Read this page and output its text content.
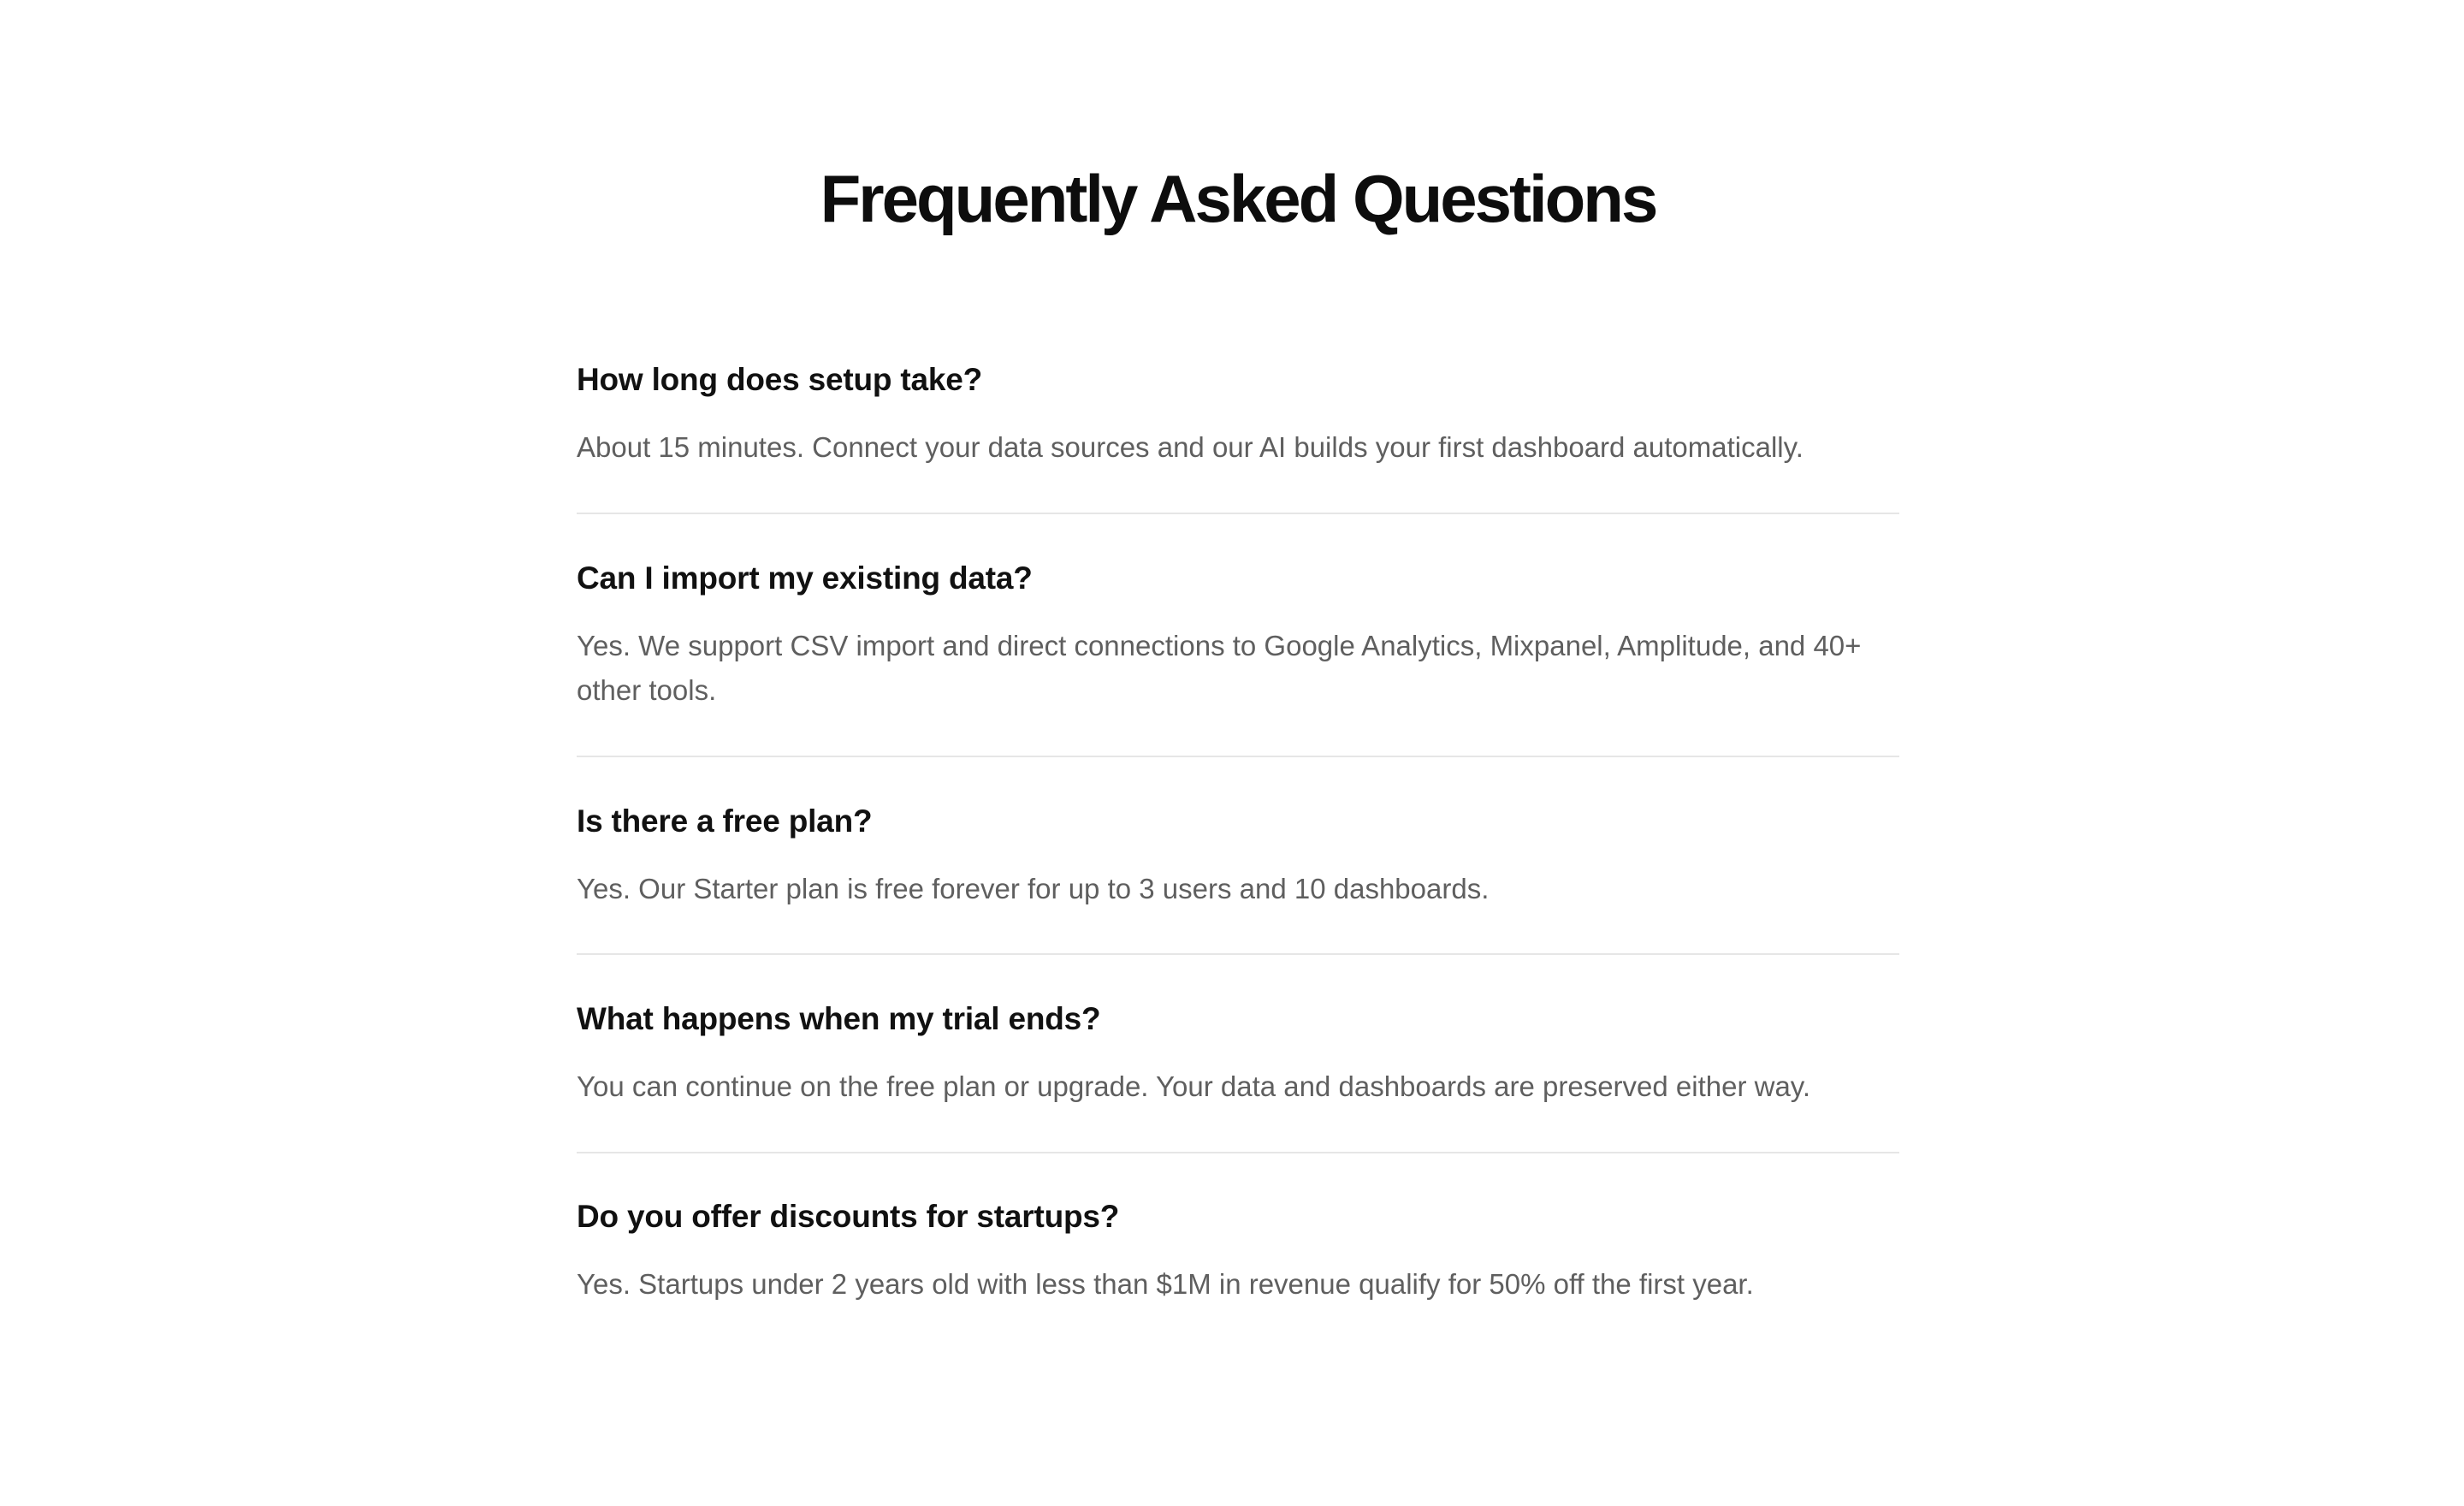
Frequently Asked Questions
How long does setup take?

About 15 minutes. Connect your data sources and our AI builds your first dashboard automatically.

Can I import my existing data?

Yes. We support CSV import and direct connections to Google Analytics, Mixpanel, Amplitude, and 40+ other tools.

Is there a free plan?

Yes. Our Starter plan is free forever for up to 3 users and 10 dashboards.

What happens when my trial ends?

You can continue on the free plan or upgrade. Your data and dashboards are preserved either way.

Do you offer discounts for startups?

Yes. Startups under 2 years old with less than $1M in revenue qualify for 50% off the first year.
